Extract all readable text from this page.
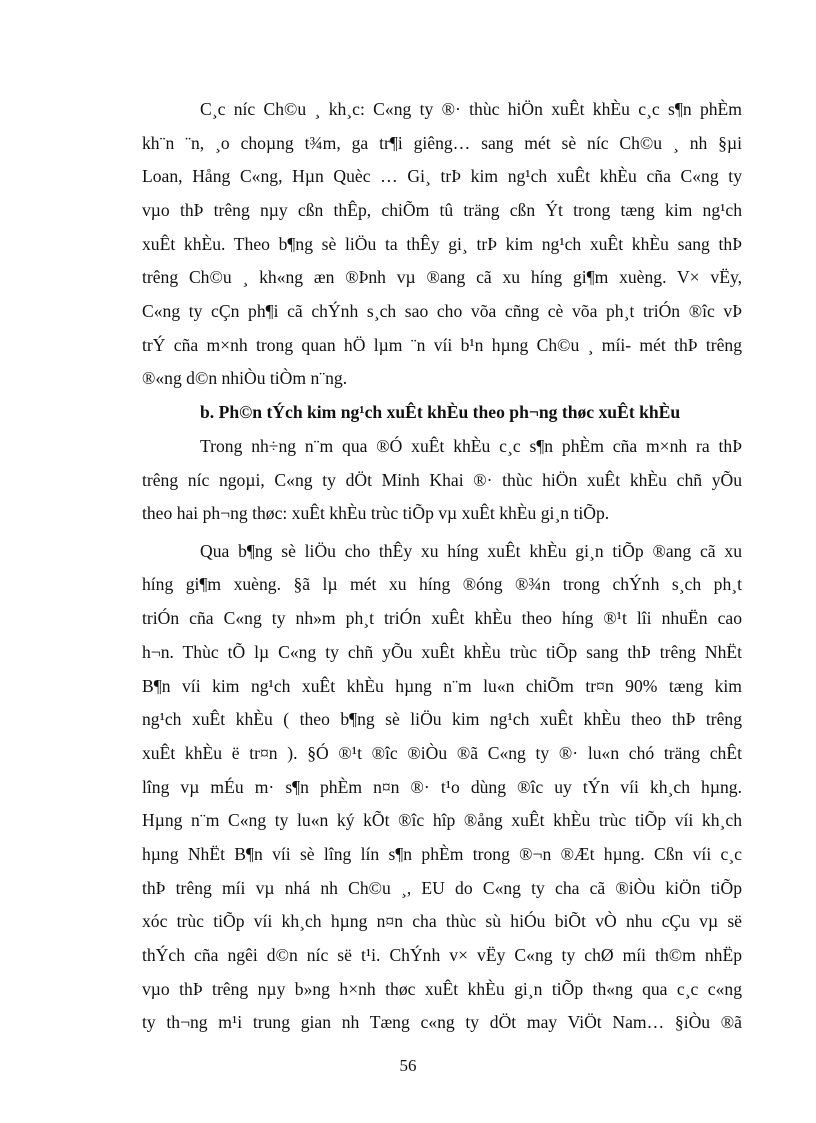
C¸c níc Ch©u ¸ kh¸c: C«ng ty ®· thùc hiÖn xuÊt khÈu c¸c s¶n phÈm
kh¨n ¨n, ¸o choµng t¾m, ga tr¶i giêng… sang mét sè níc Ch©u ¸ nh §µi
Loan, Hång C«ng, Hµn Quèc … Gi¸ trÞ kim ng¹ch xuÊt khÈu cña C«ng ty
vµo thÞ trêng nµy cßn thÊp, chiÕm tû träng cßn Ýt trong tæng kim ng¹ch
xuÊt khÈu. Theo b¶ng sè liÖu ta thÊy gi¸ trÞ kim ng¹ch xuÊt khÈu sang thÞ
trêng Ch©u ¸ kh«ng æn ®Þnh vµ ®ang cã xu híng gi¶m xuèng. V× vËy,
C«ng ty cÇn ph¶i cã chÝnh s¸ch sao cho võa cñng cè võa ph¸t triÓn ®îc vÞ
trÝ cña m×nh trong quan hÖ lµm ¨n víi b¹n hµng Ch©u ¸ míi- mét thÞ trêng
®«ng d©n nhiÒu tiÒm n¨ng.
b. Ph©n tÝch kim ng¹ch xuÊt khÈu theo ph¬ng thøc xuÊt khÈu
Trong nh÷ng n¨m qua ®Ó xuÊt khÈu c¸c s¶n phÈm cña m×nh ra thÞ
trêng níc ngoµi, C«ng ty dÖt Minh Khai ®· thùc hiÖn xuÊt khÈu chñ yÕu
theo hai ph¬ng thøc: xuÊt khÈu trùc tiÕp vµ xuÊt khÈu gi¸n tiÕp.
Qua b¶ng sè liÖu cho thÊy xu híng xuÊt khÈu gi¸n tiÕp ®ang cã xu
híng gi¶m xuèng. §ã lµ mét xu híng ®óng ®¾n trong chÝnh s¸ch ph¸t
triÓn cña C«ng ty nh»m ph¸t triÓn xuÊt khÈu theo híng ®¹t lîi nhuËn cao
h¬n. Thùc tÕ lµ C«ng ty chñ yÕu xuÊt khÈu trùc tiÕp sang thÞ trêng NhËt
B¶n víi kim ng¹ch xuÊt khÈu hµng n¨m lu«n chiÕm tr¤n 90% tæng kim
ng¹ch xuÊt khÈu ( theo b¶ng sè liÖu kim ng¹ch xuÊt khÈu theo thÞ trêng
xuÊt khÈu ë tr¤n ). §Ó ®¹t ®îc ®iÒu ®ã C«ng ty ®· lu«n chó träng chÊt
lîng vµ mÉu m· s¶n phÈm n¤n ®· t¹o dùng ®îc uy tÝn víi kh¸ch hµng.
Hµng n¨m C«ng ty lu«n ký kÕt ®îc hîp ®ång xuÊt khÈu trùc tiÕp víi kh¸ch
hµng NhËt B¶n víi sè lîng lín s¶n phÈm trong ®¬n ®Æt hµng. Cßn víi c¸c
thÞ trêng míi vµ nhá nh Ch©u ¸, EU do C«ng ty cha cã ®iÒu kiÖn tiÕp
xóc trùc tiÕp víi kh¸ch hµng n¤n cha thùc sù hiÓu biÕt vÒ nhu cÇu vµ së
thÝch cña ngêi d©n níc së t¹i. ChÝnh v× vËy C«ng ty chØ míi th©m nhËp
vµo thÞ trêng nµy b»ng h×nh thøc xuÊt khÈu gi¸n tiÕp th«ng qua c¸c c«ng
ty th¬ng m¹i trung gian nh Tæng c«ng ty dÖt may ViÖt Nam… §iÒu ®ã
56
